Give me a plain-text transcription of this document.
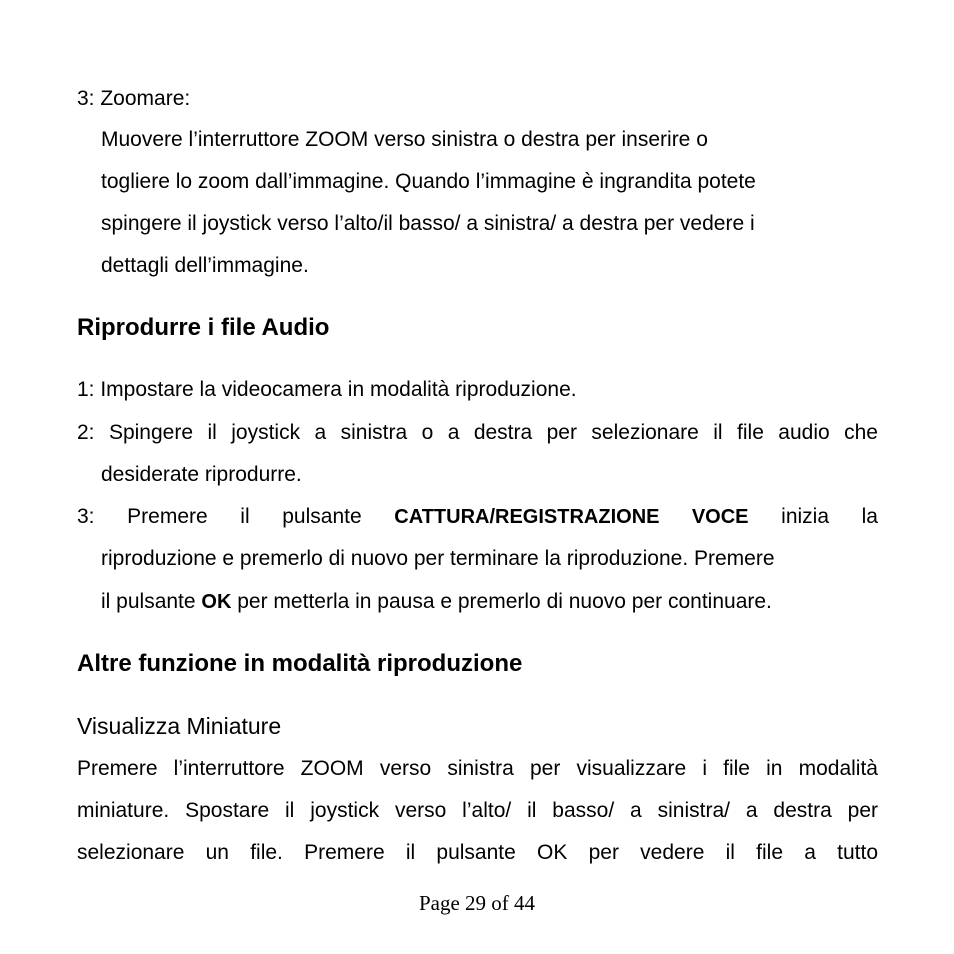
3: Zoomare:
Muovere l’interruttore ZOOM verso sinistra o destra per inserire o
togliere lo zoom dall’immagine. Quando l’immagine è ingrandita potete
spingere il joystick verso l’alto/il basso/ a sinistra/ a destra per vedere i
dettagli dell’immagine.
Riprodurre i file Audio
1: Impostare la videocamera in modalità riproduzione.
2: Spingere il joystick a sinistra o a destra per selezionare il file audio che
desiderate riprodurre.
3: Premere il pulsante CATTURA/REGISTRAZIONE VOCE inizia la
riproduzione e premerlo di nuovo per terminare la riproduzione. Premere
il pulsante OK per metterla in pausa e premerlo di nuovo per continuare.
Altre funzione in modalità riproduzione
Visualizza Miniature
Premere l’interruttore ZOOM verso sinistra per visualizzare i file in modalità
miniature. Spostare il joystick verso l’alto/ il basso/ a sinistra/ a destra per
selezionare un file. Premere il pulsante OK per vedere il file a tutto
Page 29 of 44
